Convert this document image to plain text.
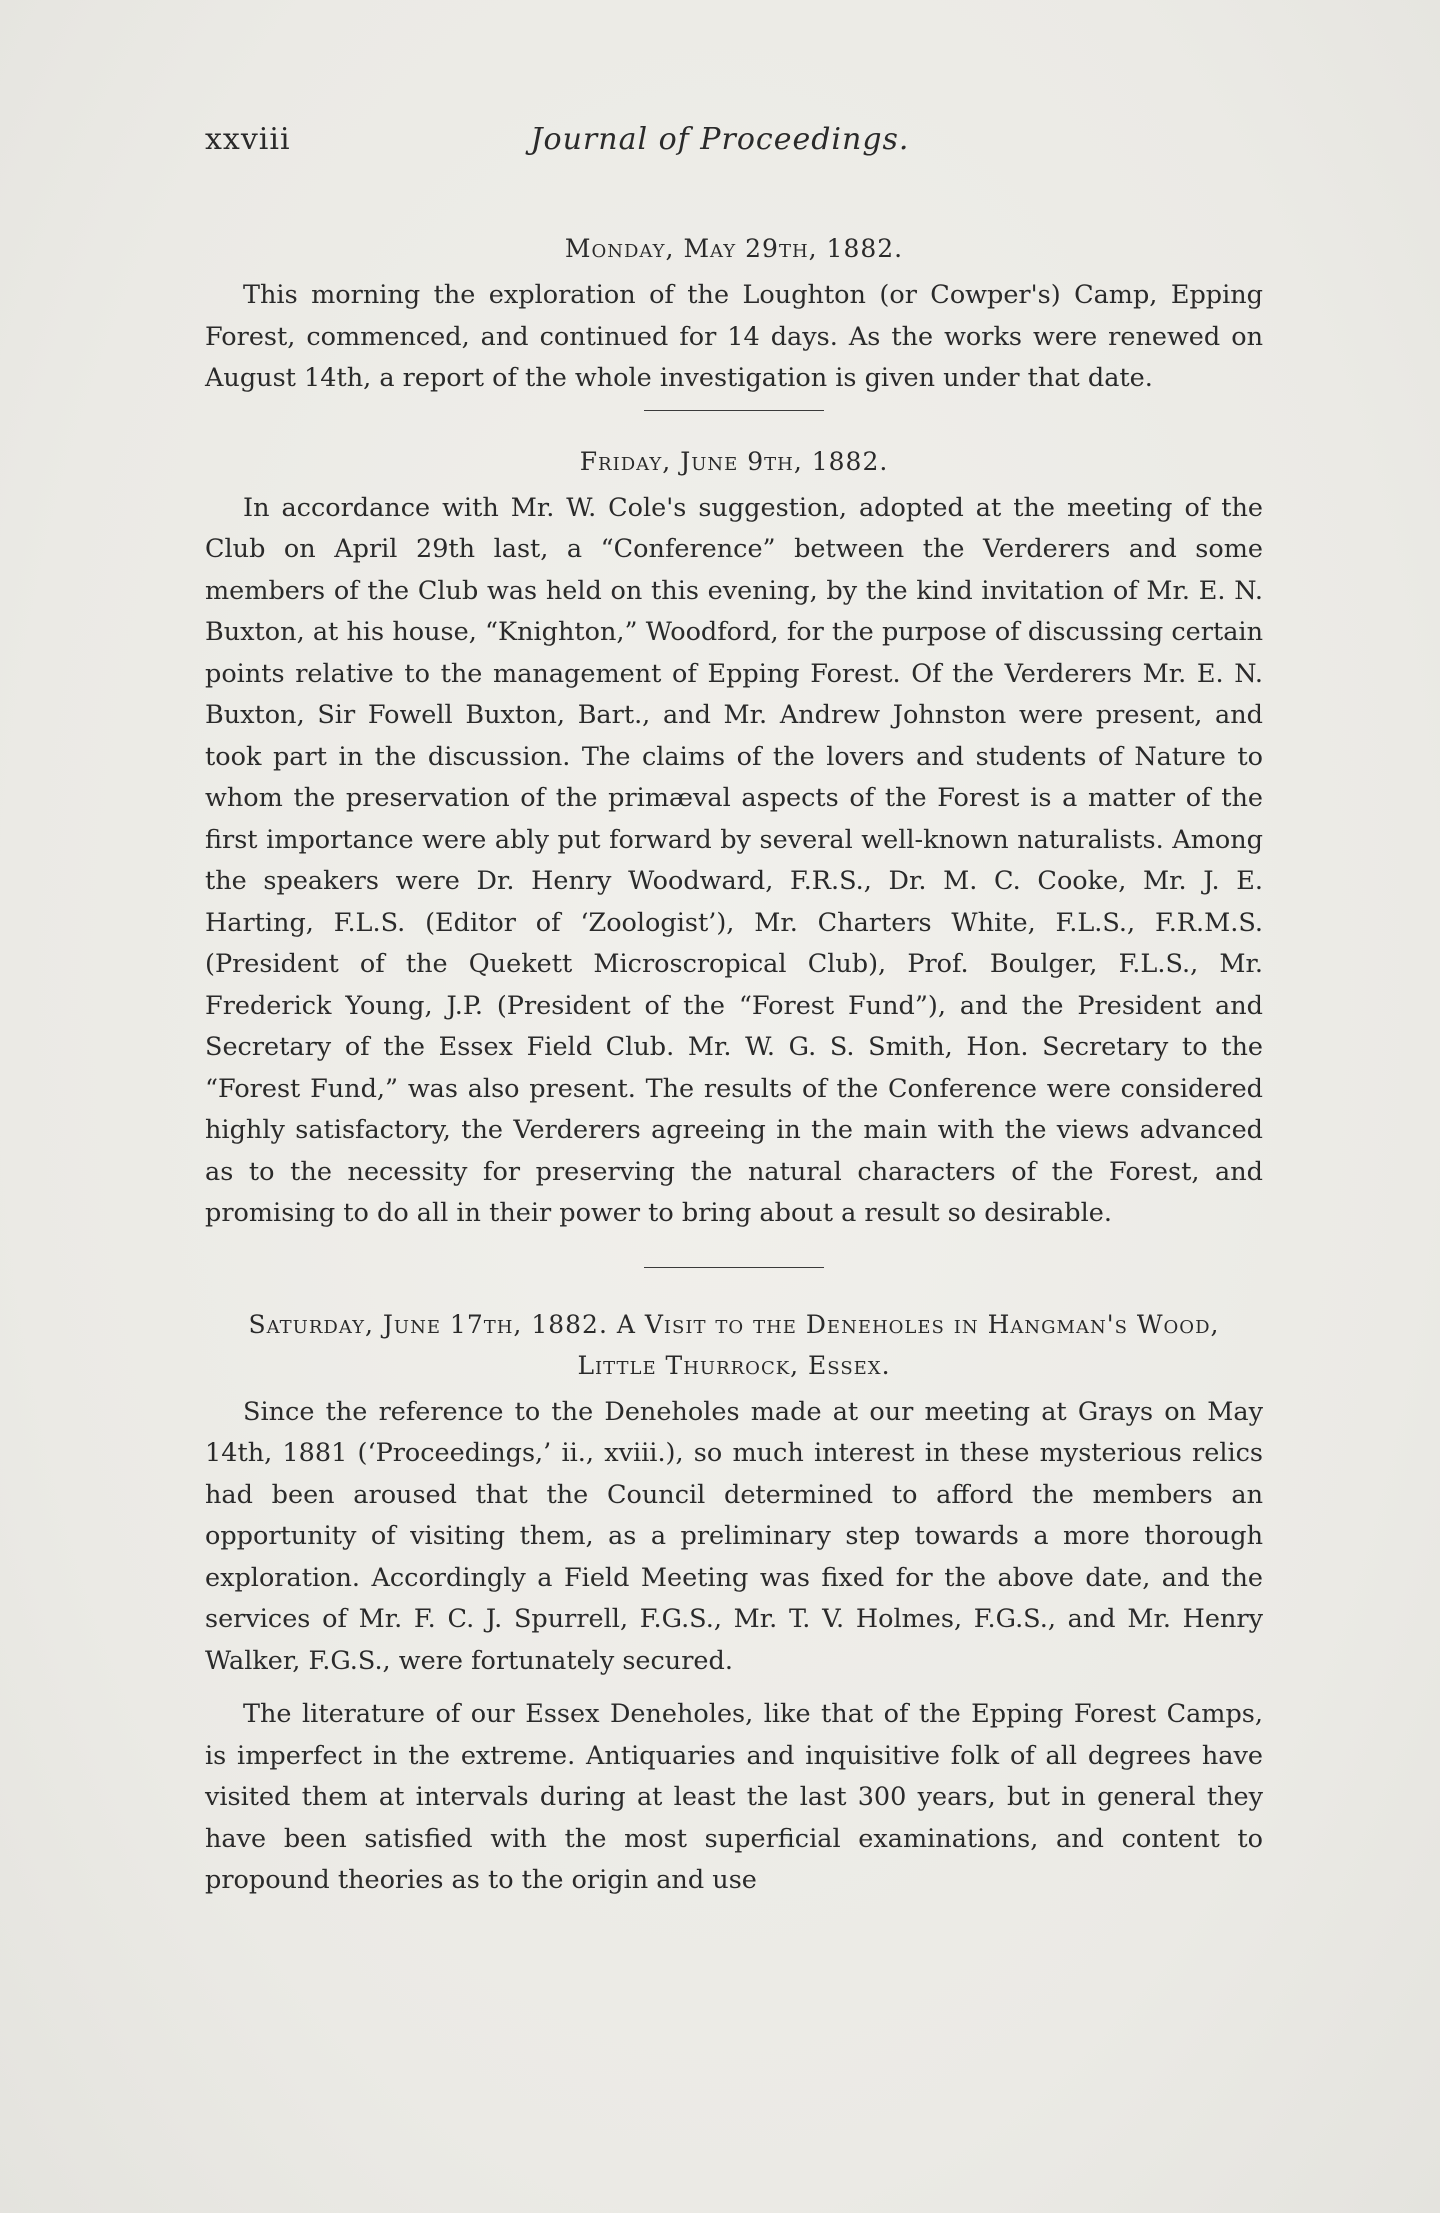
xxviii	Journal of Proceedings.
Monday, May 29th, 1882.

This morning the exploration of the Loughton (or Cowper's) Camp, Epping Forest, commenced, and continued for 14 days. As the works were renewed on August 14th, a report of the whole investigation is given under that date.

Friday, June 9th, 1882.

In accordance with Mr. W. Cole's suggestion, adopted at the meeting of the Club on April 29th last, a “Conference” between the Verderers and some members of the Club was held on this evening, by the kind invitation of Mr. E. N. Buxton, at his house, “Knighton,” Woodford, for the purpose of discussing certain points relative to the management of Epping Forest. Of the Verderers Mr. E. N. Buxton, Sir Fowell Buxton, Bart., and Mr. Andrew Johnston were present, and took part in the discussion. The claims of the lovers and students of Nature to whom the preservation of the primæval aspects of the Forest is a matter of the first importance were ably put forward by several well-known naturalists. Among the speakers were Dr. Henry Woodward, F.R.S., Dr. M. C. Cooke, Mr. J. E. Harting, F.L.S. (Editor of ‘Zoologist’), Mr. Charters White, F.L.S., F.R.M.S. (President of the Quekett Microscropical Club), Prof. Boulger, F.L.S., Mr. Frederick Young, J.P. (President of the “Forest Fund”), and the President and Secretary of the Essex Field Club. Mr. W. G. S. Smith, Hon. Secretary to the “Forest Fund,” was also present. The results of the Conference were considered highly satisfactory, the Verderers agreeing in the main with the views advanced as to the necessity for preserving the natural characters of the Forest, and promising to do all in their power to bring about a result so desirable.

Saturday, June 17th, 1882. A Visit to the Deneholes in Hangman's Wood, Little Thurrock, Essex.

Since the reference to the Deneholes made at our meeting at Grays on May 14th, 1881 (‘Proceedings,’ ii., xviii.), so much interest in these mysterious relics had been aroused that the Council determined to afford the members an opportunity of visiting them, as a preliminary step towards a more thorough exploration. Accordingly a Field Meeting was fixed for the above date, and the services of Mr. F. C. J. Spurrell, F.G.S., Mr. T. V. Holmes, F.G.S., and Mr. Henry Walker, F.G.S., were fortunately secured.

The literature of our Essex Deneholes, like that of the Epping Forest Camps, is imperfect in the extreme. Antiquaries and inquisitive folk of all degrees have visited them at intervals during at least the last 300 years, but in general they have been satisfied with the most superficial examinations, and content to propound theories as to the origin and use
